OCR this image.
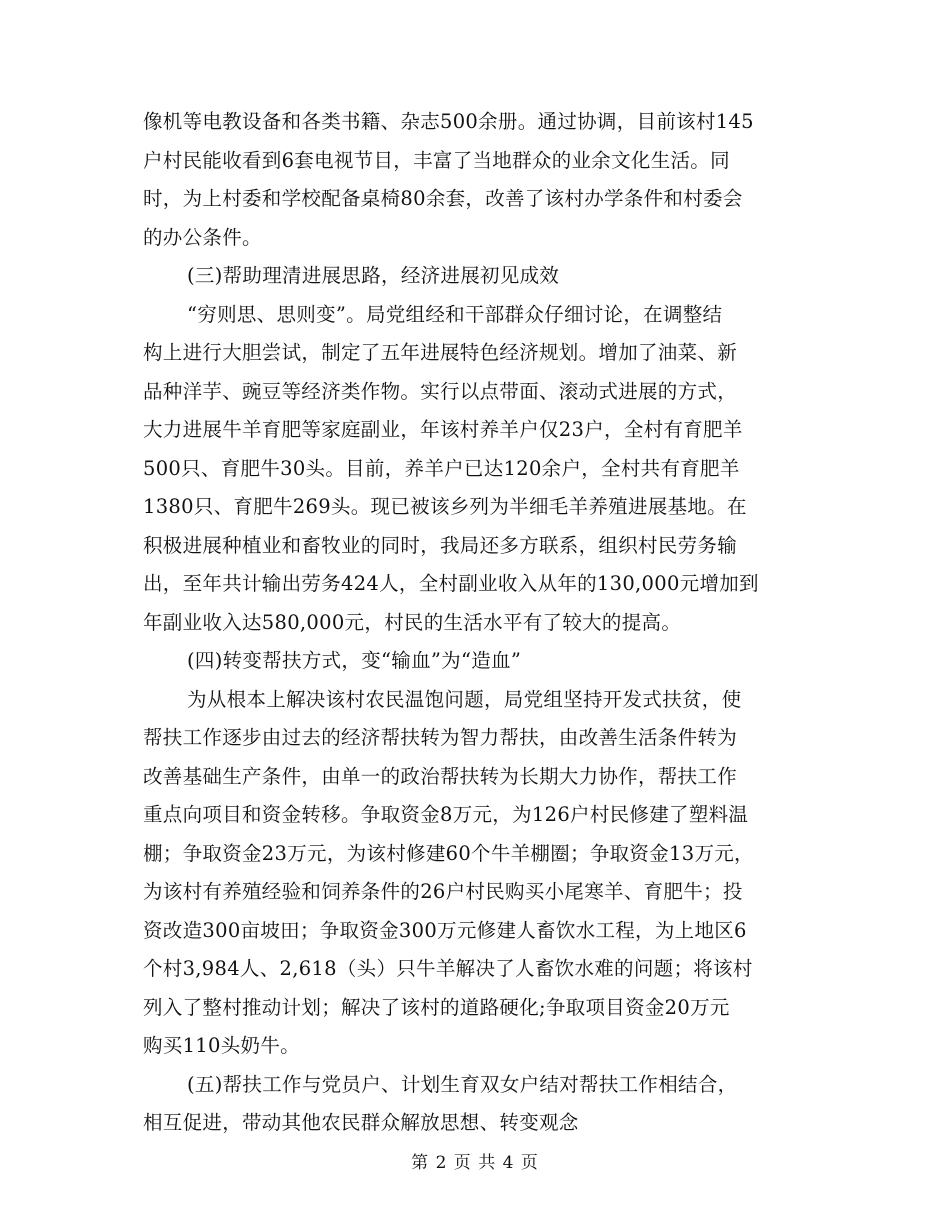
像机等电教设备和各类书籍、杂志500余册。通过协调，目前该村145
户村民能收看到6套电视节目，丰富了当地群众的业余文化生活。同
时，为上村委和学校配备桌椅80余套，改善了该村办学条件和村委会
的办公条件。
(三)帮助理清进展思路，经济进展初见成效
“穷则思、思则变”。局党组经和干部群众仔细讨论，在调整结
构上进行大胆尝试，制定了五年进展特色经济规划。增加了油菜、新
品种洋芋、豌豆等经济类作物。实行以点带面、滚动式进展的方式，
大力进展牛羊育肥等家庭副业，年该村养羊户仅23户，全村有育肥羊
500只、育肥牛30头。目前，养羊户已达120余户，全村共有育肥羊
1380只、育肥牛269头。现已被该乡列为半细毛羊养殖进展基地。在
积极进展种植业和畜牧业的同时，我局还多方联系，组织村民劳务输
出，至年共计输出劳务424人，全村副业收入从年的130,000元增加到
年副业收入达580,000元，村民的生活水平有了较大的提高。
(四)转变帮扶方式，变“输血”为“造血”
为从根本上解决该村农民温饱问题，局党组坚持开发式扶贫，使
帮扶工作逐步由过去的经济帮扶转为智力帮扶，由改善生活条件转为
改善基础生产条件，由单一的政治帮扶转为长期大力协作，帮扶工作
重点向项目和资金转移。争取资金8万元，为126户村民修建了塑料温
棚；争取资金23万元，为该村修建60个牛羊棚圈；争取资金13万元，
为该村有养殖经验和饲养条件的26户村民购买小尾寒羊、育肥牛；投
资改造300亩坡田；争取资金300万元修建人畜饮水工程，为上地区6
个村3,984人、2,618（头）只牛羊解决了人畜饮水难的问题；将该村
列入了整村推动计划；解决了该村的道路硬化;争取项目资金20万元
购买110头奶牛。
(五)帮扶工作与党员户、计划生育双女户结对帮扶工作相结合，
相互促进，带动其他农民群众解放思想、转变观念
第 2 页 共 4 页
